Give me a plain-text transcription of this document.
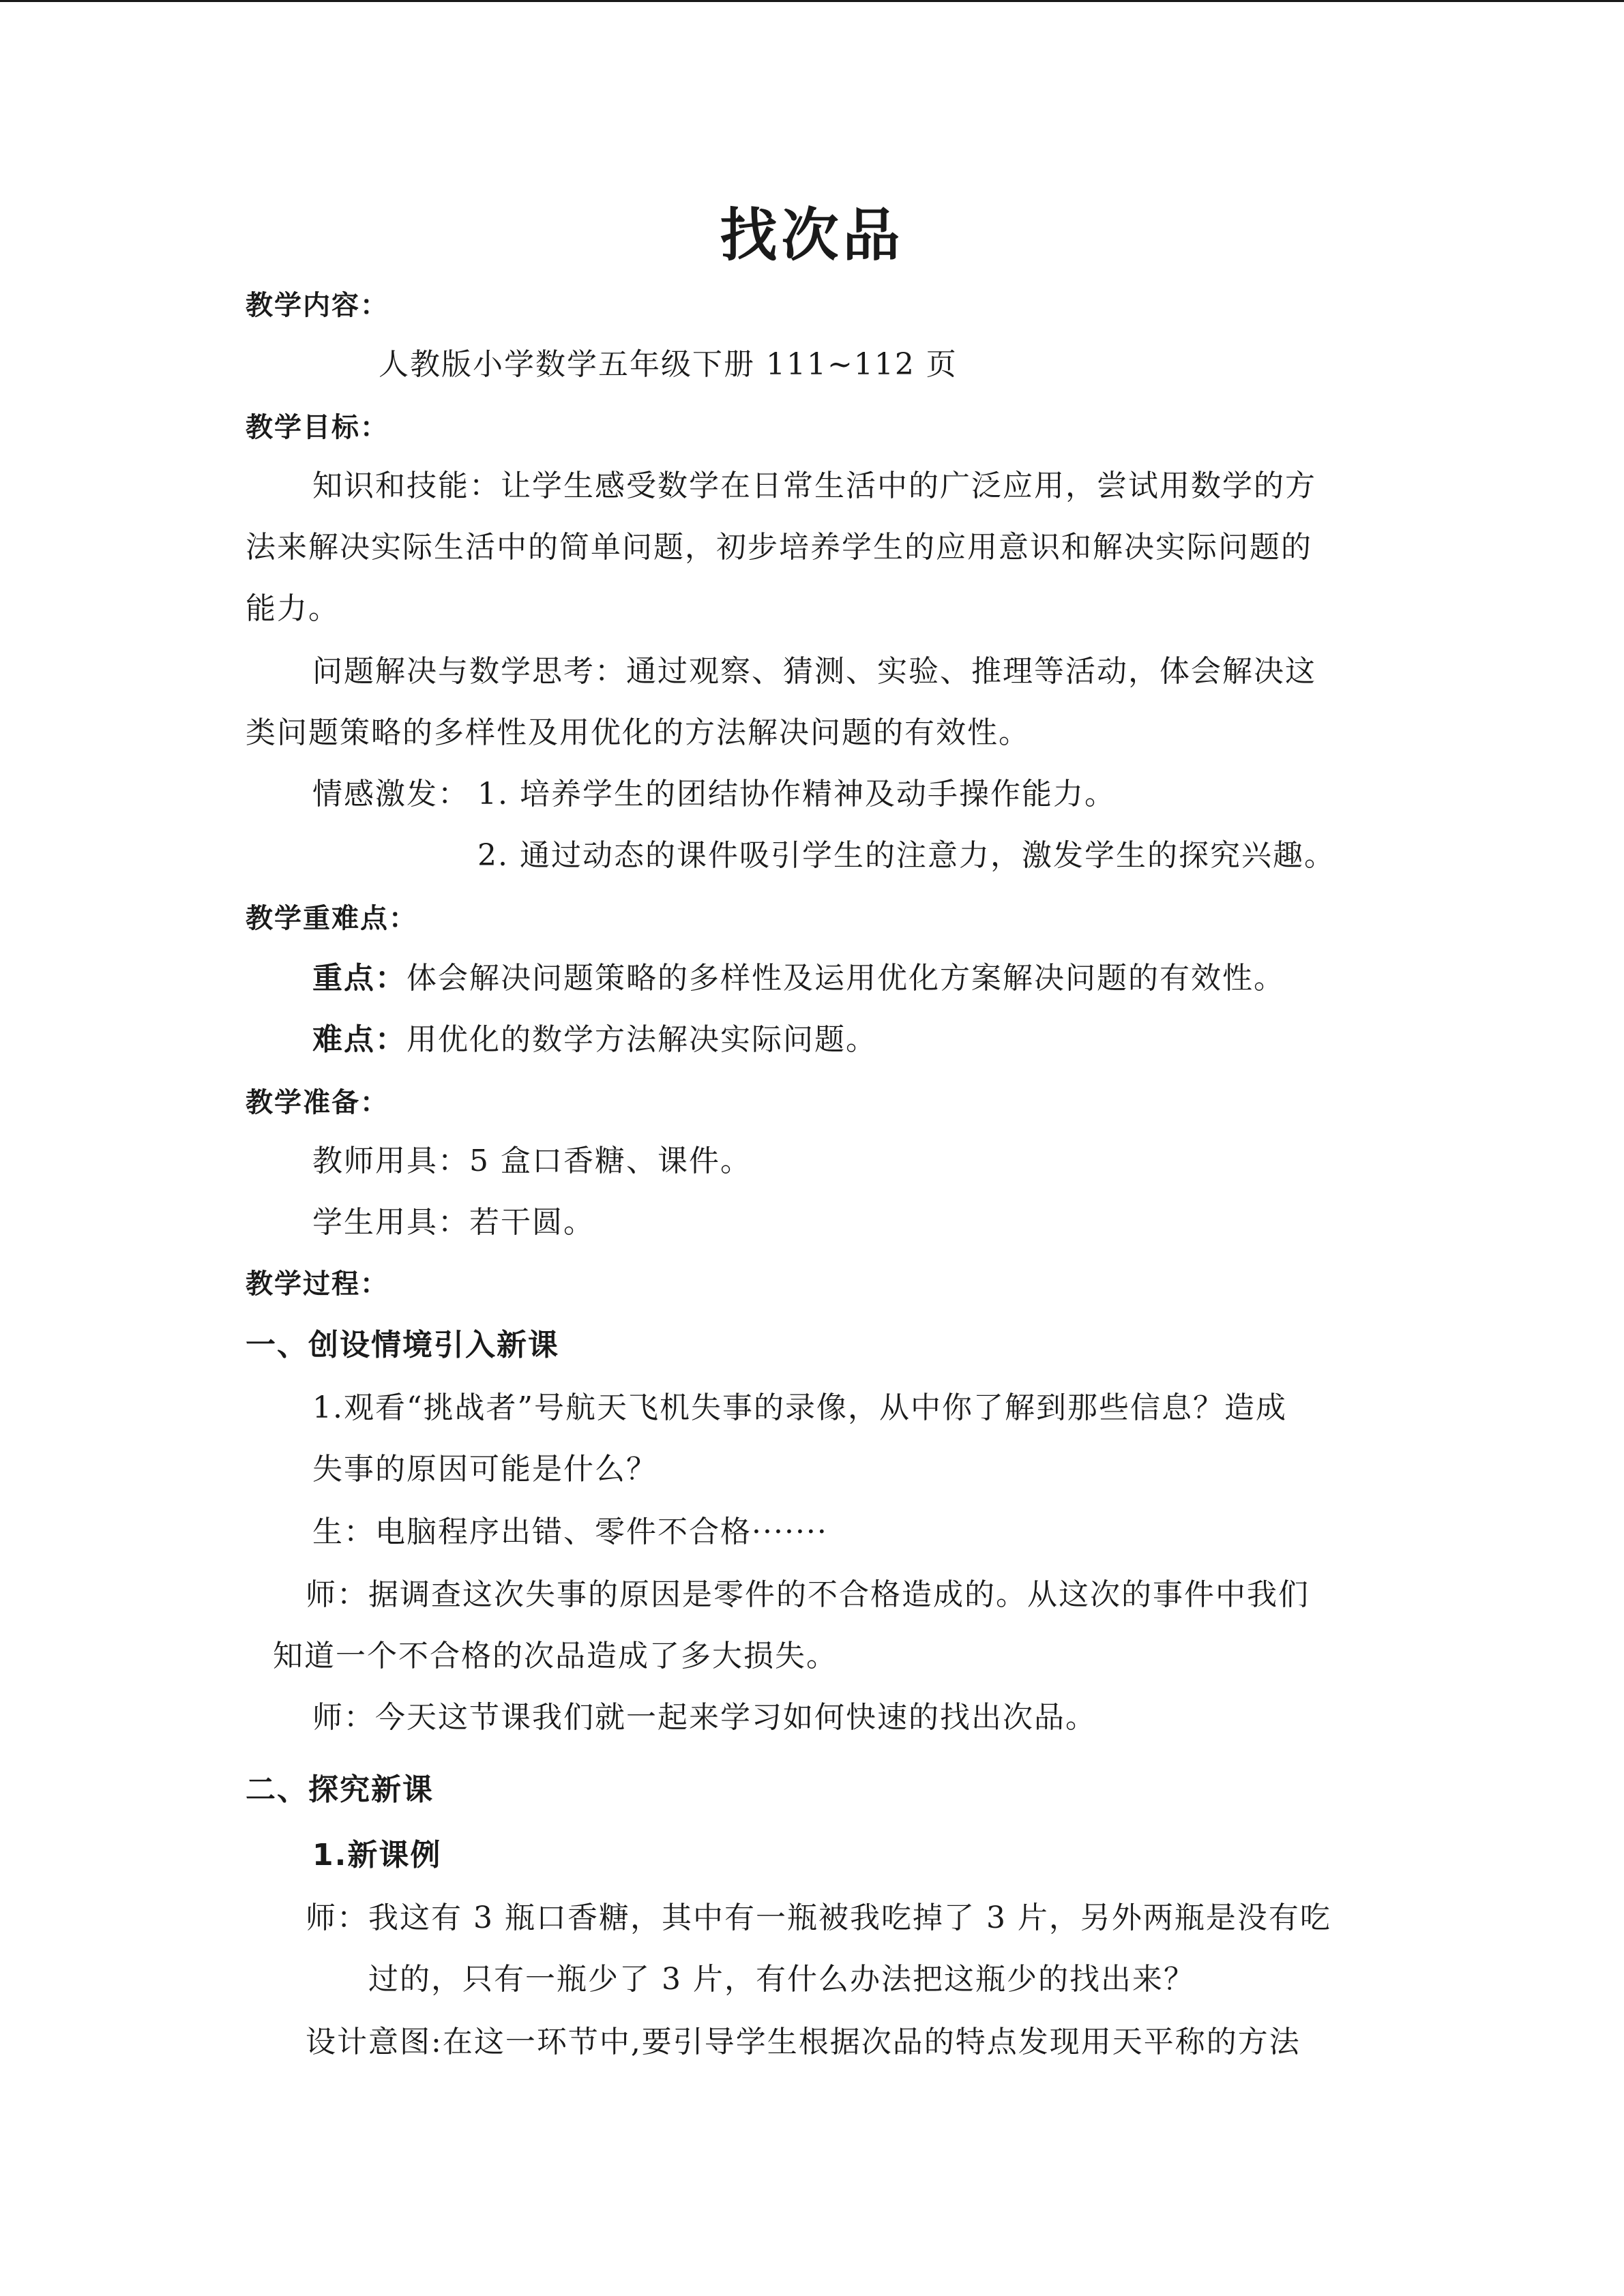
找次品
教学内容：
人教版小学数学五年级下册 111~112 页
教学目标：
知识和技能：让学生感受数学在日常生活中的广泛应用，尝试用数学的方
法来解决实际生活中的简单问题，初步培养学生的应用意识和解决实际问题的
能力。
问题解决与数学思考：通过观察、猜测、实验、推理等活动，体会解决这
类问题策略的多样性及用优化的方法解决问题的有效性。
情感激发： 1. 培养学生的团结协作精神及动手操作能力。
2. 通过动态的课件吸引学生的注意力，激发学生的探究兴趣。
教学重难点：
重点：体会解决问题策略的多样性及运用优化方案解决问题的有效性。
难点：用优化的数学方法解决实际问题。
教学准备：
教师用具：5 盒口香糖、课件。
学生用具：若干圆。
教学过程：
一、创设情境引入新课
1.观看“挑战者”号航天飞机失事的录像，从中你了解到那些信息？造成
失事的原因可能是什么？
生：电脑程序出错、零件不合格·······
师：据调查这次失事的原因是零件的不合格造成的。从这次的事件中我们
知道一个不合格的次品造成了多大损失。
师：今天这节课我们就一起来学习如何快速的找出次品。
二、探究新课
1.新课例
师：我这有 3 瓶口香糖，其中有一瓶被我吃掉了 3 片，另外两瓶是没有吃
过的，只有一瓶少了 3 片，有什么办法把这瓶少的找出来？
设计意图:在这一环节中,要引导学生根据次品的特点发现用天平称的方法
